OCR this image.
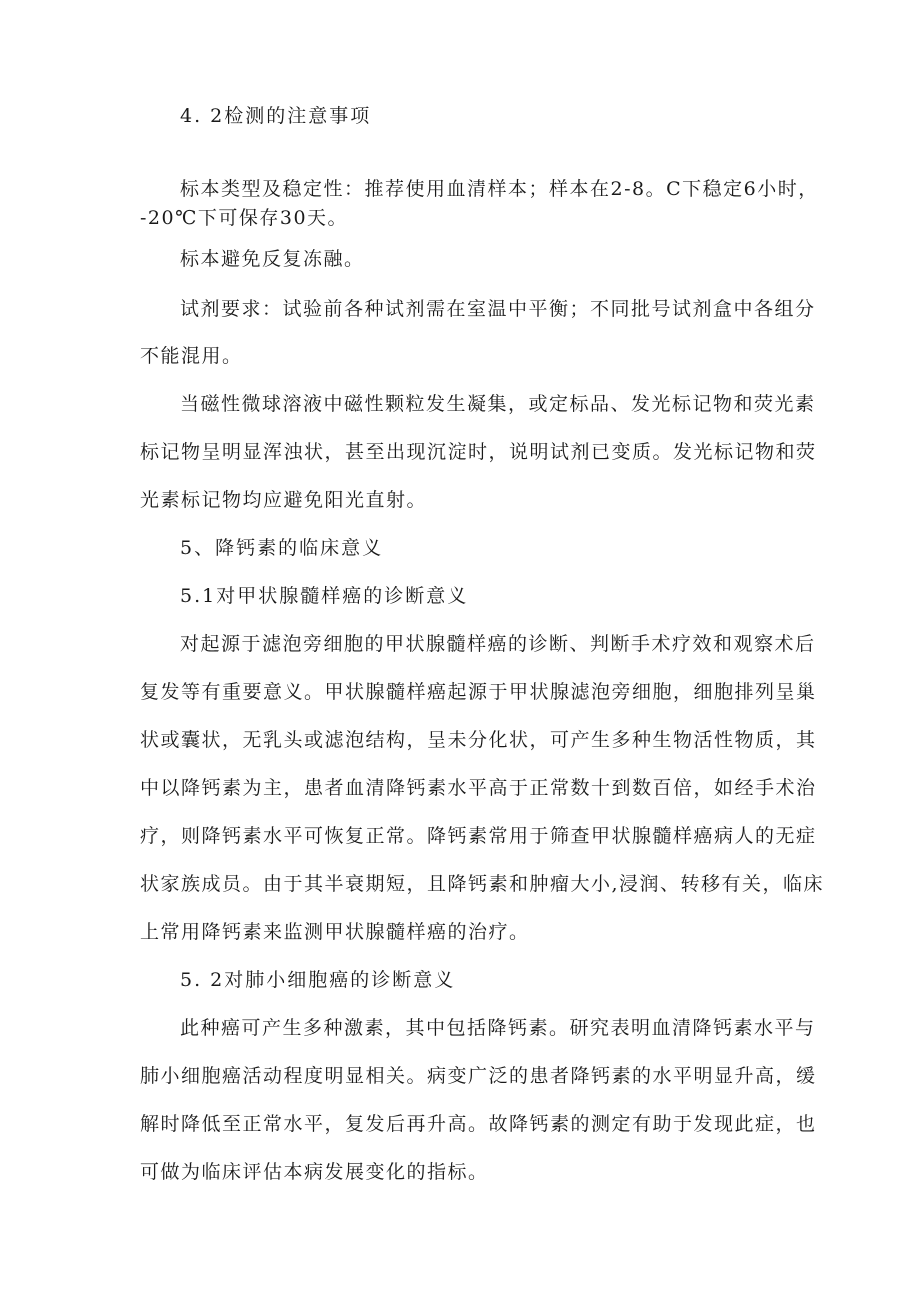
4. 2检测的注意事项
标本类型及稳定性：推荐使用血清样本；样本在2-8。C下稳定6小时，
-20℃下可保存30天。
标本避免反复冻融。
试剂要求：试验前各种试剂需在室温中平衡；不同批号试剂盒中各组分
不能混用。
当磁性微球溶液中磁性颗粒发生凝集，或定标品、发光标记物和荧光素
标记物呈明显浑浊状，甚至出现沉淀时，说明试剂已变质。发光标记物和荧
光素标记物均应避免阳光直射。
5、降钙素的临床意义
5.1对甲状腺髓样癌的诊断意义
对起源于滤泡旁细胞的甲状腺髓样癌的诊断、判断手术疗效和观察术后
复发等有重要意义。甲状腺髓样癌起源于甲状腺滤泡旁细胞，细胞排列呈巢
状或囊状，无乳头或滤泡结构，呈未分化状，可产生多种生物活性物质，其
中以降钙素为主，患者血清降钙素水平高于正常数十到数百倍，如经手术治
疗，则降钙素水平可恢复正常。降钙素常用于筛查甲状腺髓样癌病人的无症
状家族成员。由于其半衰期短，且降钙素和肿瘤大小,浸润、转移有关，临床
上常用降钙素来监测甲状腺髓样癌的治疗。
5. 2对肺小细胞癌的诊断意义
此种癌可产生多种激素，其中包括降钙素。研究表明血清降钙素水平与
肺小细胞癌活动程度明显相关。病变广泛的患者降钙素的水平明显升高，缓
解时降低至正常水平，复发后再升高。故降钙素的测定有助于发现此症，也
可做为临床评估本病发展变化的指标。
